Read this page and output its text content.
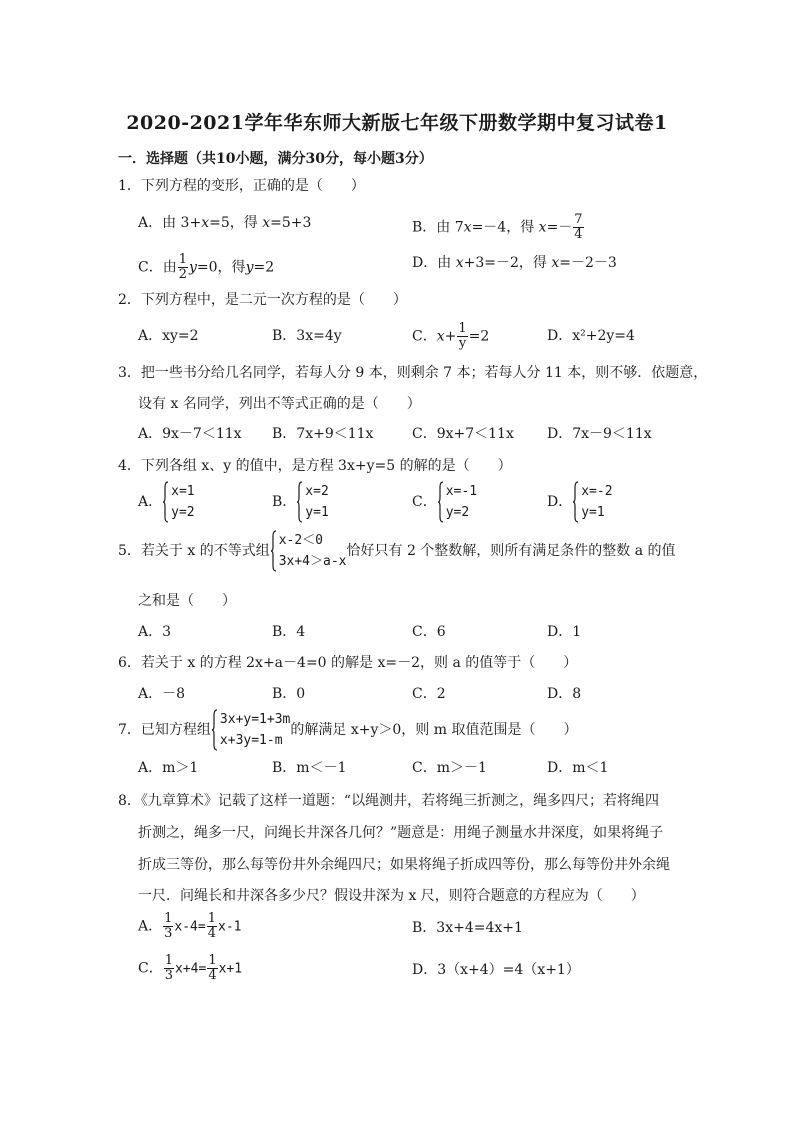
2020-2021学年华东师大新版七年级下册数学期中复习试卷1
一．选择题（共10小题，满分30分，每小题3分）
1．下列方程的变形，正确的是（　　）
A．由 3+x=5，得 x=5+3	B．由 7x=－4，得 $x=- \frac{7}{4}$
C．由 $\frac{1}{2} y=0$，得y=2	D．由 x+3=－2，得 x=－2－3
2．下列方程中，是二元一次方程的是（　　）
A．xy=2	B．3x=4y	C．$x+ \frac{1}{y} =2$	D．x²+2y=4
3．把一些书分给几名同学，若每人分 9 本，则剩余 7 本；若每人分 11 本，则不够．依题意，
设有 x 名同学，列出不等式正确的是（　　）
A．9x－7＜11x B．7x+9＜11x	C．9x+7＜11x D．7x－9＜11x
4．下列各组 x、y 的值中，是方程 3x+y=5 的解的是（　　）
A．
x=1
y=2
B．
x=2
y=1
C．
x=-1
y=2
D．
x=-2
y=1
5．若关于 x 的不等式组
x-2＜0
3x+4＞a-x
恰好只有 2 个整数解，则所有满足条件的整数 a 的值
之和是（　　）
A．3	B．4	C．6	D．1
6．若关于 x 的方程 2x+a－4=0 的解是 x=－2，则 a 的值等于（　　）
A．－8	B．0	C．2	D．8
7．已知方程组
3x+y=1+3m
x+3y=1-m
的解满足 x+y＞0，则 m 取值范围是（　　）
A．m＞1	B．m＜－1	C．m＞－1	D．m＜1
8．《九章算术》记载了这样一道题：“以绳测井，若将绳三折测之，绳多四尺；若将绳四
折测之，绳多一尺，问绳长井深各几何？”题意是：用绳子测量水井深度，如果将绳子
折成三等份，那么每等份井外余绳四尺；如果将绳子折成四等份，那么每等份井外余绳
一尺．问绳长和井深各多少尺？假设井深为 x 尺，则符合题意的方程应为（　　）
A． $\frac{1}{3} x-4= \frac{1}{4} x-1$	B．3x+4=4x+1
C． $\frac{1}{3} x+4= \frac{1}{4} x+1$	D．3（x+4）=4（x+1）
